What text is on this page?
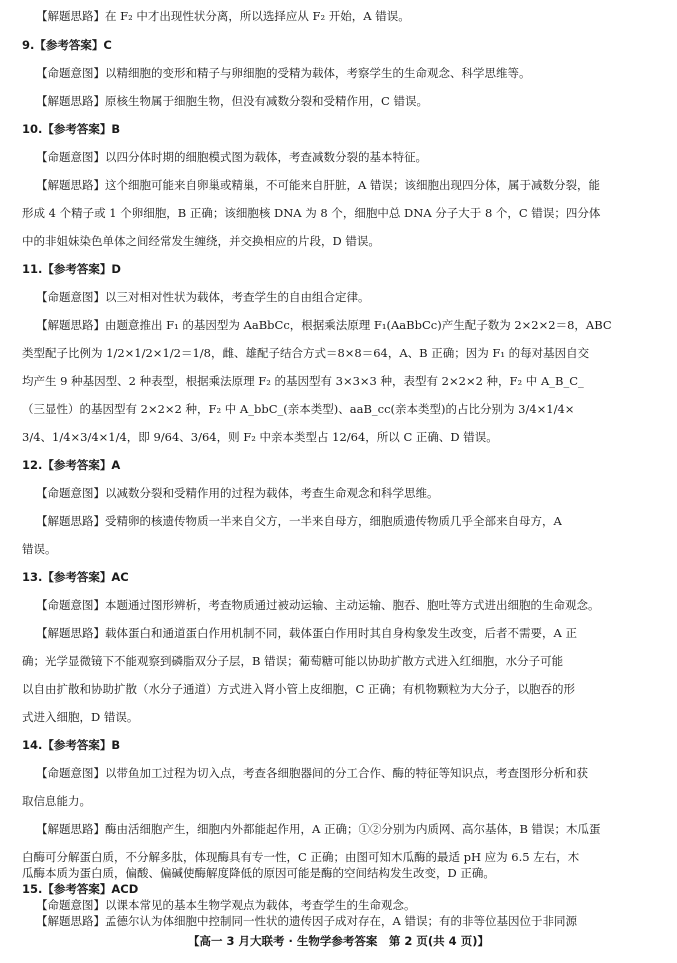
【解题思路】在 F₂ 中才出现性状分离，所以选择应从 F₂ 开始，A 错误。
9.【参考答案】C
【命题意图】以精细胞的变形和精子与卵细胞的受精为载体，考察学生的生命观念、科学思维等。
【解题思路】原核生物属于细胞生物，但没有减数分裂和受精作用，C 错误。
10.【参考答案】B
【命题意图】以四分体时期的细胞模式图为载体，考查减数分裂的基本特征。
【解题思路】这个细胞可能来自卵巢或精巢，不可能来自肝脏，A 错误；该细胞出现四分体，属于减数分裂，能
形成 4 个精子或 1 个卵细胞，B 正确；该细胞核 DNA 为 8 个，细胞中总 DNA 分子大于 8 个，C 错误；四分体
中的非姐妹染色单体之间经常发生缠绕，并交换相应的片段，D 错误。
11.【参考答案】D
【命题意图】以三对相对性状为载体，考查学生的自由组合定律。
【解题思路】由题意推出 F₁ 的基因型为 AaBbCc，根据乘法原理 F₁(AaBbCc)产生配子数为 2×2×2＝8，ABC
类型配子比例为 1/2×1/2×1/2＝1/8，雌、雄配子结合方式＝8×8＝64，A、B 正确；因为 F₁ 的每对基因自交
均产生 9 种基因型、2 种表型，根据乘法原理 F₂ 的基因型有 3×3×3 种，表型有 2×2×2 种，F₂ 中 A_B_C_
（三显性）的基因型有 2×2×2 种，F₂ 中 A_bbC_(亲本类型)、aaB_cc(亲本类型)的占比分别为 3/4×1/4×
3/4、1/4×3/4×1/4，即 9/64、3/64，则 F₂ 中亲本类型占 12/64，所以 C 正确、D 错误。
12.【参考答案】A
【命题意图】以减数分裂和受精作用的过程为载体，考查生命观念和科学思维。
【解题思路】受精卵的核遗传物质一半来自父方，一半来自母方，细胞质遗传物质几乎全部来自母方，A
错误。
13.【参考答案】AC
【命题意图】本题通过图形辨析，考查物质通过被动运输、主动运输、胞吞、胞吐等方式进出细胞的生命观念。
【解题思路】载体蛋白和通道蛋白作用机制不同，载体蛋白作用时其自身构象发生改变，后者不需要，A 正
确；光学显微镜下不能观察到磷脂双分子层，B 错误；葡萄糖可能以协助扩散方式进入红细胞，水分子可能
以自由扩散和协助扩散（水分子通道）方式进入肾小管上皮细胞，C 正确；有机物颗粒为大分子，以胞吞的形
式进入细胞，D 错误。
14.【参考答案】B
【命题意图】以带鱼加工过程为切入点，考查各细胞器间的分工合作、酶的特征等知识点，考查图形分析和获
取信息能力。
【解题思路】酶由活细胞产生，细胞内外都能起作用，A 正确；①②分别为内质网、高尔基体，B 错误；木瓜蛋
白酶可分解蛋白质，不分解多肽，体现酶具有专一性，C 正确；由图可知木瓜酶的最适 pH 应为 6.5 左右，木
瓜酶本质为蛋白质，偏酸、偏碱使酶解度降低的原因可能是酶的空间结构发生改变，D 正确。
15.【参考答案】ACD
【命题意图】以课本常见的基本生物学观点为载体，考查学生的生命观念。
【解题思路】孟德尔认为体细胞中控制同一性状的遗传因子成对存在，A 错误；有的非等位基因位于非同源
【高一 3 月大联考 · 生物学参考答案　第 2 页(共 4 页)】
